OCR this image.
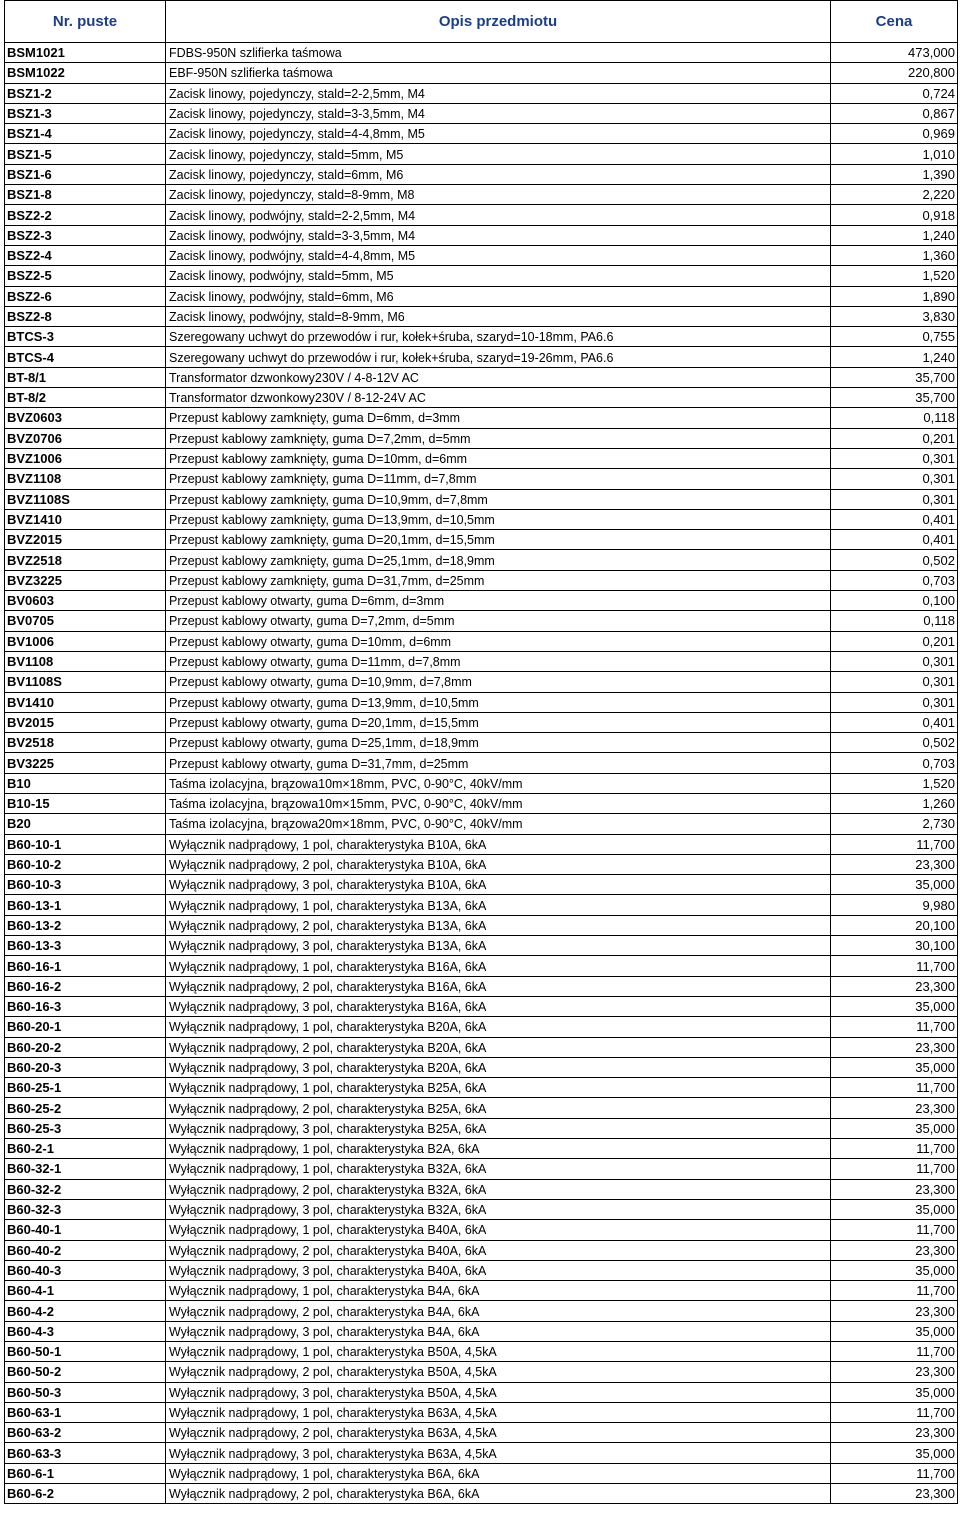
Nr. puste	Opis przedmiotu	Cena
BSM1021	FDBS-950N szlifierka taśmowa	473,000
BSM1022	EBF-950N szlifierka taśmowa	220,800
BSZ1-2	Zacisk linowy, pojedynczy, stald=2-2,5mm, M4	0,724
BSZ1-3	Zacisk linowy, pojedynczy, stald=3-3,5mm, M4	0,867
BSZ1-4	Zacisk linowy, pojedynczy, stald=4-4,8mm, M5	0,969
BSZ1-5	Zacisk linowy, pojedynczy, stald=5mm, M5	1,010
BSZ1-6	Zacisk linowy, pojedynczy, stald=6mm, M6	1,390
BSZ1-8	Zacisk linowy, pojedynczy, stald=8-9mm, M8	2,220
BSZ2-2	Zacisk linowy, podwójny, stald=2-2,5mm, M4	0,918
BSZ2-3	Zacisk linowy, podwójny, stald=3-3,5mm, M4	1,240
BSZ2-4	Zacisk linowy, podwójny, stald=4-4,8mm, M5	1,360
BSZ2-5	Zacisk linowy, podwójny, stald=5mm, M5	1,520
BSZ2-6	Zacisk linowy, podwójny, stald=6mm, M6	1,890
BSZ2-8	Zacisk linowy, podwójny, stald=8-9mm, M6	3,830
BTCS-3	Szeregowany uchwyt do przewodów i rur, kołek+śruba, szaryd=10-18mm, PA6.6	0,755
BTCS-4	Szeregowany uchwyt do przewodów i rur, kołek+śruba, szaryd=19-26mm, PA6.6	1,240
BT-8/1	Transformator dzwonkowy230V / 4-8-12V AC	35,700
BT-8/2	Transformator dzwonkowy230V / 8-12-24V AC	35,700
BVZ0603	Przepust kablowy zamknięty, guma D=6mm, d=3mm	0,118
BVZ0706	Przepust kablowy zamknięty, guma D=7,2mm, d=5mm	0,201
BVZ1006	Przepust kablowy zamknięty, guma D=10mm, d=6mm	0,301
BVZ1108	Przepust kablowy zamknięty, guma D=11mm, d=7,8mm	0,301
BVZ1108S	Przepust kablowy zamknięty, guma D=10,9mm, d=7,8mm	0,301
BVZ1410	Przepust kablowy zamknięty, guma D=13,9mm, d=10,5mm	0,401
BVZ2015	Przepust kablowy zamknięty, guma D=20,1mm, d=15,5mm	0,401
BVZ2518	Przepust kablowy zamknięty, guma D=25,1mm, d=18,9mm	0,502
BVZ3225	Przepust kablowy zamknięty, guma D=31,7mm, d=25mm	0,703
BV0603	Przepust kablowy otwarty, guma D=6mm, d=3mm	0,100
BV0705	Przepust kablowy otwarty, guma D=7,2mm, d=5mm	0,118
BV1006	Przepust kablowy otwarty, guma D=10mm, d=6mm	0,201
BV1108	Przepust kablowy otwarty, guma D=11mm, d=7,8mm	0,301
BV1108S	Przepust kablowy otwarty, guma D=10,9mm, d=7,8mm	0,301
BV1410	Przepust kablowy otwarty, guma D=13,9mm, d=10,5mm	0,301
BV2015	Przepust kablowy otwarty, guma D=20,1mm, d=15,5mm	0,401
BV2518	Przepust kablowy otwarty, guma D=25,1mm, d=18,9mm	0,502
BV3225	Przepust kablowy otwarty, guma D=31,7mm, d=25mm	0,703
B10	Taśma izolacyjna, brązowa10m×18mm, PVC, 0-90°C, 40kV/mm	1,520
B10-15	Taśma izolacyjna, brązowa10m×15mm, PVC, 0-90°C, 40kV/mm	1,260
B20	Taśma izolacyjna, brązowa20m×18mm, PVC, 0-90°C, 40kV/mm	2,730
B60-10-1	Wyłącznik nadprądowy, 1 pol, charakterystyka B10A, 6kA	11,700
B60-10-2	Wyłącznik nadprądowy, 2 pol, charakterystyka B10A, 6kA	23,300
B60-10-3	Wyłącznik nadprądowy, 3 pol, charakterystyka B10A, 6kA	35,000
B60-13-1	Wyłącznik nadprądowy, 1 pol, charakterystyka B13A, 6kA	9,980
B60-13-2	Wyłącznik nadprądowy, 2 pol, charakterystyka B13A, 6kA	20,100
B60-13-3	Wyłącznik nadprądowy, 3 pol, charakterystyka B13A, 6kA	30,100
B60-16-1	Wyłącznik nadprądowy, 1 pol, charakterystyka B16A, 6kA	11,700
B60-16-2	Wyłącznik nadprądowy, 2 pol, charakterystyka B16A, 6kA	23,300
B60-16-3	Wyłącznik nadprądowy, 3 pol, charakterystyka B16A, 6kA	35,000
B60-20-1	Wyłącznik nadprądowy, 1 pol, charakterystyka B20A, 6kA	11,700
B60-20-2	Wyłącznik nadprądowy, 2 pol, charakterystyka B20A, 6kA	23,300
B60-20-3	Wyłącznik nadprądowy, 3 pol, charakterystyka B20A, 6kA	35,000
B60-25-1	Wyłącznik nadprądowy, 1 pol, charakterystyka B25A, 6kA	11,700
B60-25-2	Wyłącznik nadprądowy, 2 pol, charakterystyka B25A, 6kA	23,300
B60-25-3	Wyłącznik nadprądowy, 3 pol, charakterystyka B25A, 6kA	35,000
B60-2-1	Wyłącznik nadprądowy, 1 pol, charakterystyka B2A, 6kA	11,700
B60-32-1	Wyłącznik nadprądowy, 1 pol, charakterystyka B32A, 6kA	11,700
B60-32-2	Wyłącznik nadprądowy, 2 pol, charakterystyka B32A, 6kA	23,300
B60-32-3	Wyłącznik nadprądowy, 3 pol, charakterystyka B32A, 6kA	35,000
B60-40-1	Wyłącznik nadprądowy, 1 pol, charakterystyka B40A, 6kA	11,700
B60-40-2	Wyłącznik nadprądowy, 2 pol, charakterystyka B40A, 6kA	23,300
B60-40-3	Wyłącznik nadprądowy, 3 pol, charakterystyka B40A, 6kA	35,000
B60-4-1	Wyłącznik nadprądowy, 1 pol, charakterystyka B4A, 6kA	11,700
B60-4-2	Wyłącznik nadprądowy, 2 pol, charakterystyka B4A, 6kA	23,300
B60-4-3	Wyłącznik nadprądowy, 3 pol, charakterystyka B4A, 6kA	35,000
B60-50-1	Wyłącznik nadprądowy, 1 pol, charakterystyka B50A, 4,5kA	11,700
B60-50-2	Wyłącznik nadprądowy, 2 pol, charakterystyka B50A, 4,5kA	23,300
B60-50-3	Wyłącznik nadprądowy, 3 pol, charakterystyka B50A, 4,5kA	35,000
B60-63-1	Wyłącznik nadprądowy, 1 pol, charakterystyka B63A, 4,5kA	11,700
B60-63-2	Wyłącznik nadprądowy, 2 pol, charakterystyka B63A, 4,5kA	23,300
B60-63-3	Wyłącznik nadprądowy, 3 pol, charakterystyka B63A, 4,5kA	35,000
B60-6-1	Wyłącznik nadprądowy, 1 pol, charakterystyka B6A, 6kA	11,700
B60-6-2	Wyłącznik nadprądowy, 2 pol, charakterystyka B6A, 6kA	23,300
